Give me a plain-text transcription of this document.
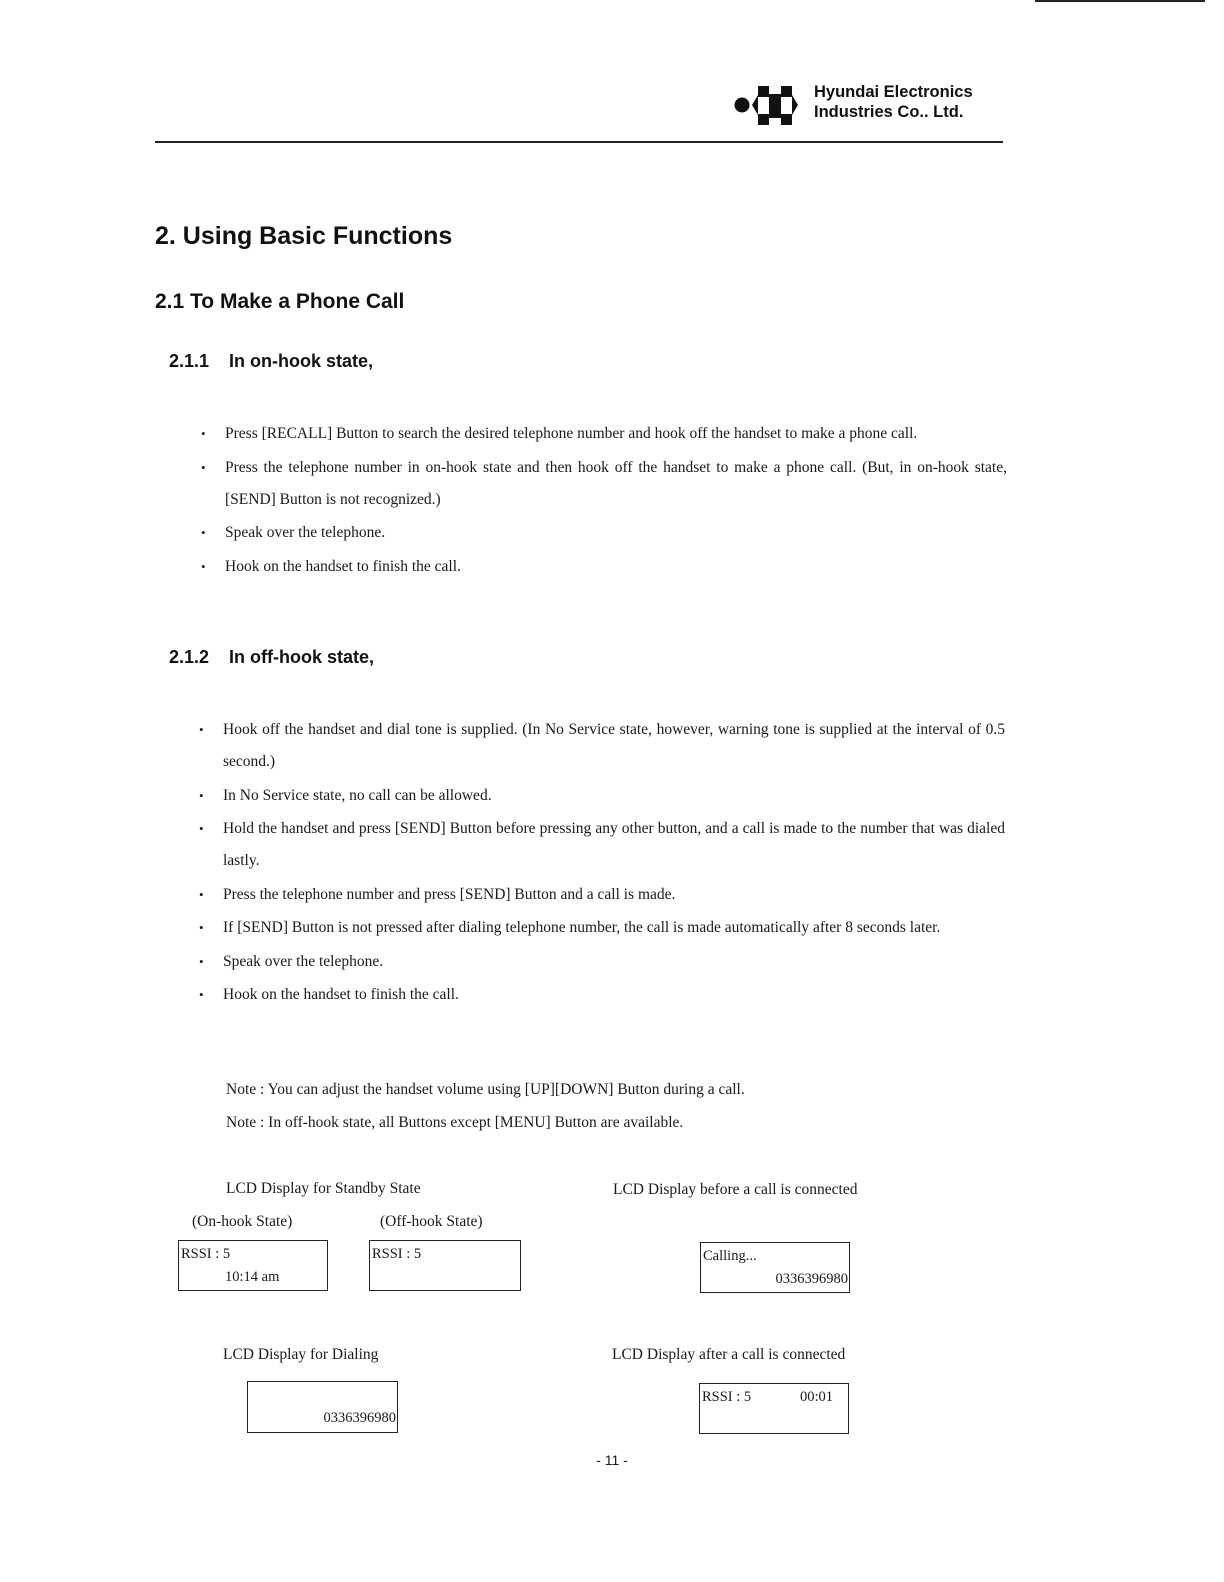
Hyundai Electronics
Industries Co.. Ltd.
2. Using Basic Functions
2.1 To Make a Phone Call
2.1.1 In on-hook state,
• Press [RECALL] Button to search the desired telephone number and hook off the handset to make a phone call.
• Press the telephone number in on-hook state and then hook off the handset to make a phone call. (But, in on-hook state, [SEND] Button is not recognized.)
• Speak over the telephone.
• Hook on the handset to finish the call.
2.1.2 In off-hook state,
• Hook off the handset and dial tone is supplied. (In No Service state, however, warning tone is supplied at the interval of 0.5 second.)
• In No Service state, no call can be allowed.
• Hold the handset and press [SEND] Button before pressing any other button, and a call is made to the number that was dialed lastly.
• Press the telephone number and press [SEND] Button and a call is made.
• If [SEND] Button is not pressed after dialing telephone number, the call is made automatically after 8 seconds later.
• Speak over the telephone.
• Hook on the handset to finish the call.
Note : You can adjust the handset volume using [UP][DOWN] Button during a call.
Note : In off-hook state, all Buttons except [MENU] Button are available.
LCD Display for Standby State
(On-hook State)	(Off-hook State)
RSSI : 5
10:14 am
RSSI : 5
LCD Display before a call is connected
Calling...
0336396980
LCD Display for Dialing
0336396980
LCD Display after a call is connected
RSSI : 5	00:01
- 11 -
